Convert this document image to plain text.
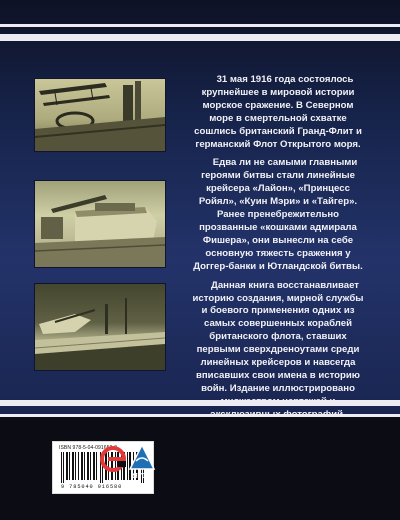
31 мая 1916 года состоялось крупнейшее в мировой истории морское сражение. В Северном море в смертельной схватке сошлись британский Гранд-Флит и германский Флот Открытого моря.

Едва ли не самыми главными героями битвы стали линейные крейсера «Лайон», «Принцесс Ройял», «Куин Мэри» и «Тайгер». Ранее пренебрежительно прозванные «кошками адмирала Фишера», они вынесли на себе основную тяжесть сражения у Доггер-банки и Ютландской битвы.

Данная книга восстанавливает историю создания, мирной службы и боевого применения одних из самых совершенных кораблей британского флота, ставших первыми сверхдреноутами среди линейных крейсеров и навсегда вписавших свои имена в историю войн. Издание иллюстрировано

ISBN 978-5-04-091658-0
9 785040 916580
ЯУЗА
